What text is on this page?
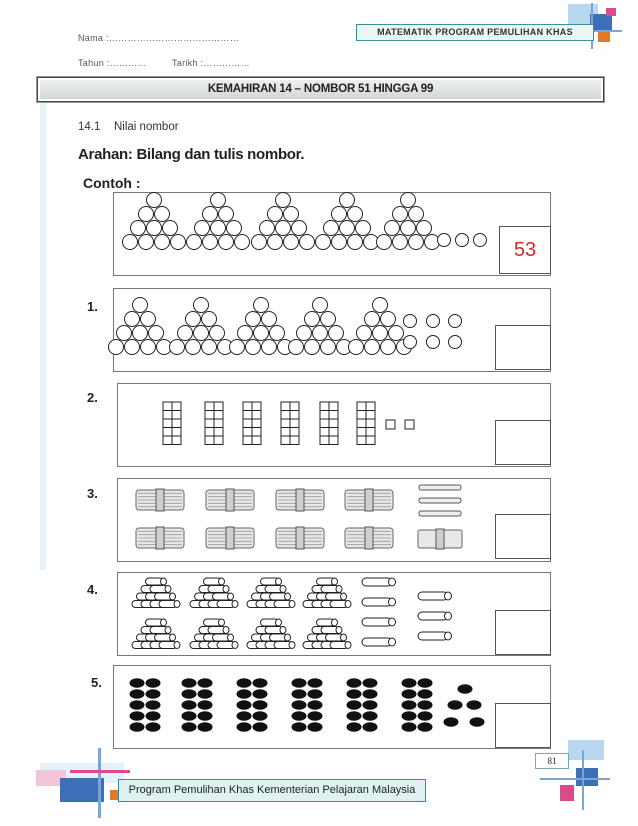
Nama :……………………………………
Tahun :…………	Tarikh :……………
MATEMATIK PROGRAM PEMULIHAN KHAS
KEMAHIRAN 14 – NOMBOR 51 HINGGA 99
14.1 Nilai nombor
Arahan: Bilang dan tulis nombor.
Contoh :
53
1.
2.
3.
4.
5.
81
Program Pemulihan Khas Kementerian Pelajaran Malaysia
